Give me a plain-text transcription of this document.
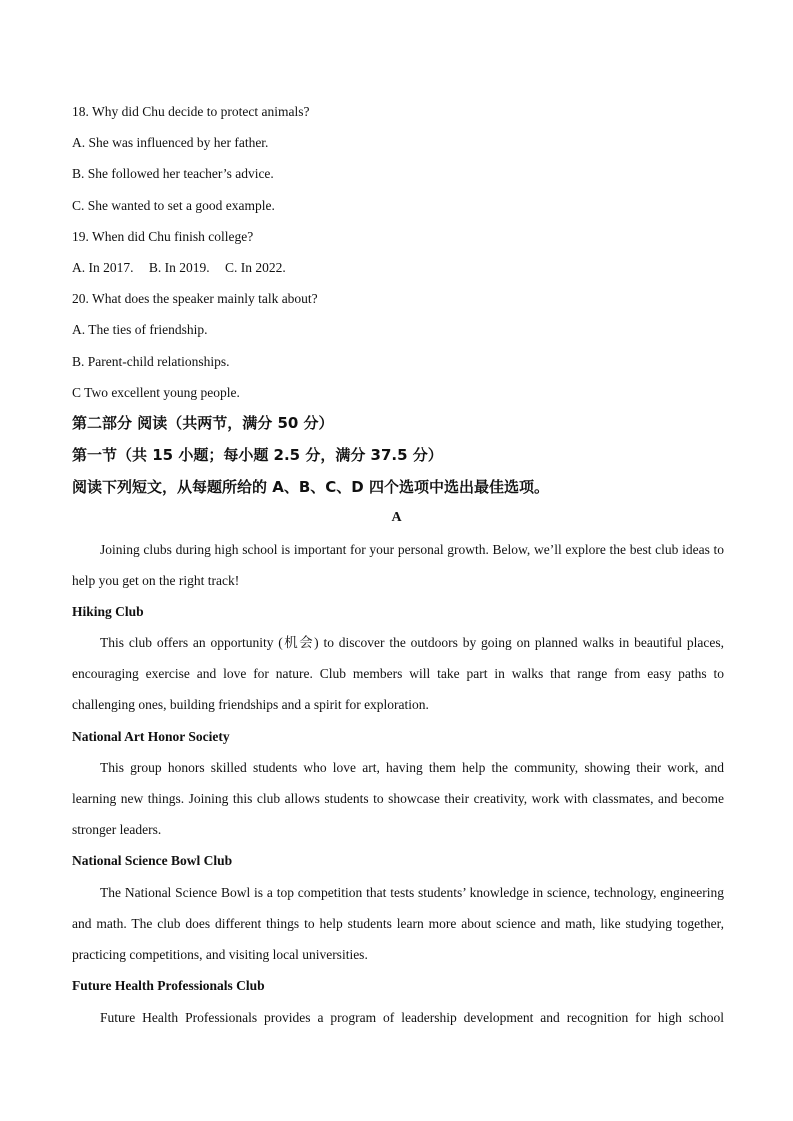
18. Why did Chu decide to protect animals?
A. She was influenced by her father.
B. She followed her teacher’s advice.
C. She wanted to set a good example.
19. When did Chu finish college?
A. In 2017. B. In 2019. C. In 2022.
20. What does the speaker mainly talk about?
A. The ties of friendship.
B. Parent-child relationships.
C Two excellent young people.
第二部分 阅读（共两节，满分 50 分）
第一节（共 15 小题；每小题 2.5 分，满分 37.5 分）
阅读下列短文，从每题所给的 A、B、C、D 四个选项中选出最佳选项。
A

Joining clubs during high school is important for your personal growth. Below, we’ll explore the best club ideas to help you get on the right track!

Hiking Club

This club offers an opportunity (机会) to discover the outdoors by going on planned walks in beautiful places, encouraging exercise and love for nature. Club members will take part in walks that range from easy paths to challenging ones, building friendships and a spirit for exploration.

National Art Honor Society

This group honors skilled students who love art, having them help the community, showing their work, and learning new things. Joining this club allows students to showcase their creativity, work with classmates, and become stronger leaders.

National Science Bowl Club

The National Science Bowl is a top competition that tests students’ knowledge in science, technology, engineering and math. The club does different things to help students learn more about science and math, like studying together, practicing competitions, and visiting local universities.

Future Health Professionals Club

Future Health Professionals provides a program of leadership development and recognition for high school
